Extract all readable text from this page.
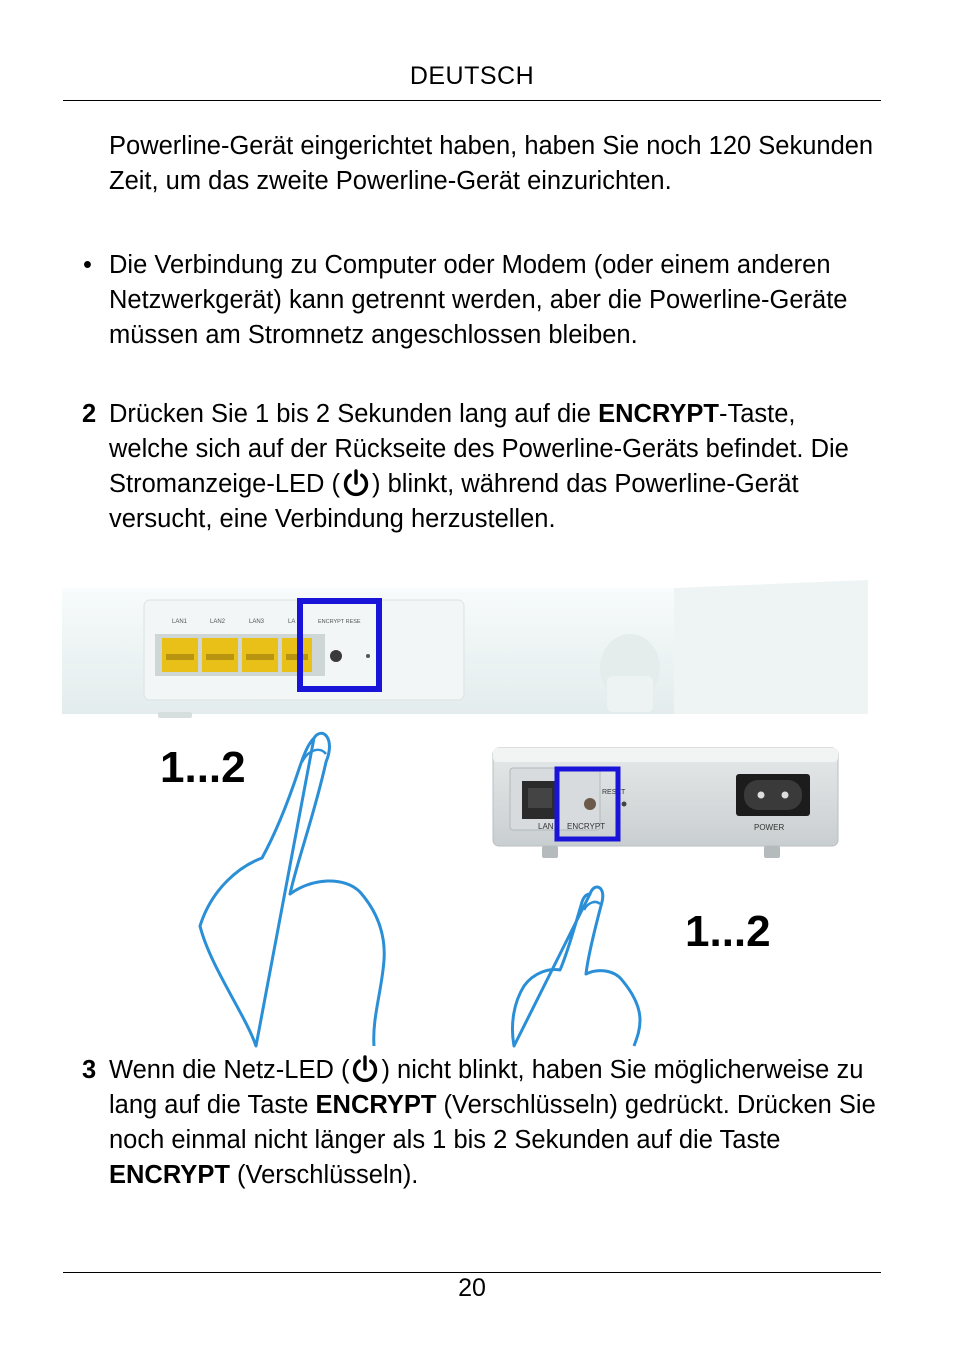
DEUTSCH
Powerline-Gerät eingerichtet haben, haben Sie noch 120 Sekunden Zeit, um das zweite Powerline-Gerät einzurichten.
• Die Verbindung zu Computer oder Modem (oder einem anderen Netzwerkgerät) kann getrennt werden, aber die Powerline-Geräte müssen am Stromnetz angeschlossen bleiben.
2 Drücken Sie 1 bis 2 Sekunden lang auf die ENCRYPT-Taste, welche sich auf der Rückseite des Powerline-Geräts befindet. Die Stromanzeige-LED ( ) blinkt, während das Powerline-Gerät versucht, eine Verbindung herzustellen.
LAN1	LAN2	LAN3	LA	ENCRYPT RESE
1...2
LAN ENCRYPT
RESET
POWER
1...2
3 Wenn die Netz-LED ( ) nicht blinkt, haben Sie möglicherweise zu lang auf die Taste ENCRYPT (Verschlüsseln) gedrückt. Drücken Sie noch einmal nicht länger als 1 bis 2 Sekunden auf die Taste ENCRYPT (Verschlüsseln).
20
